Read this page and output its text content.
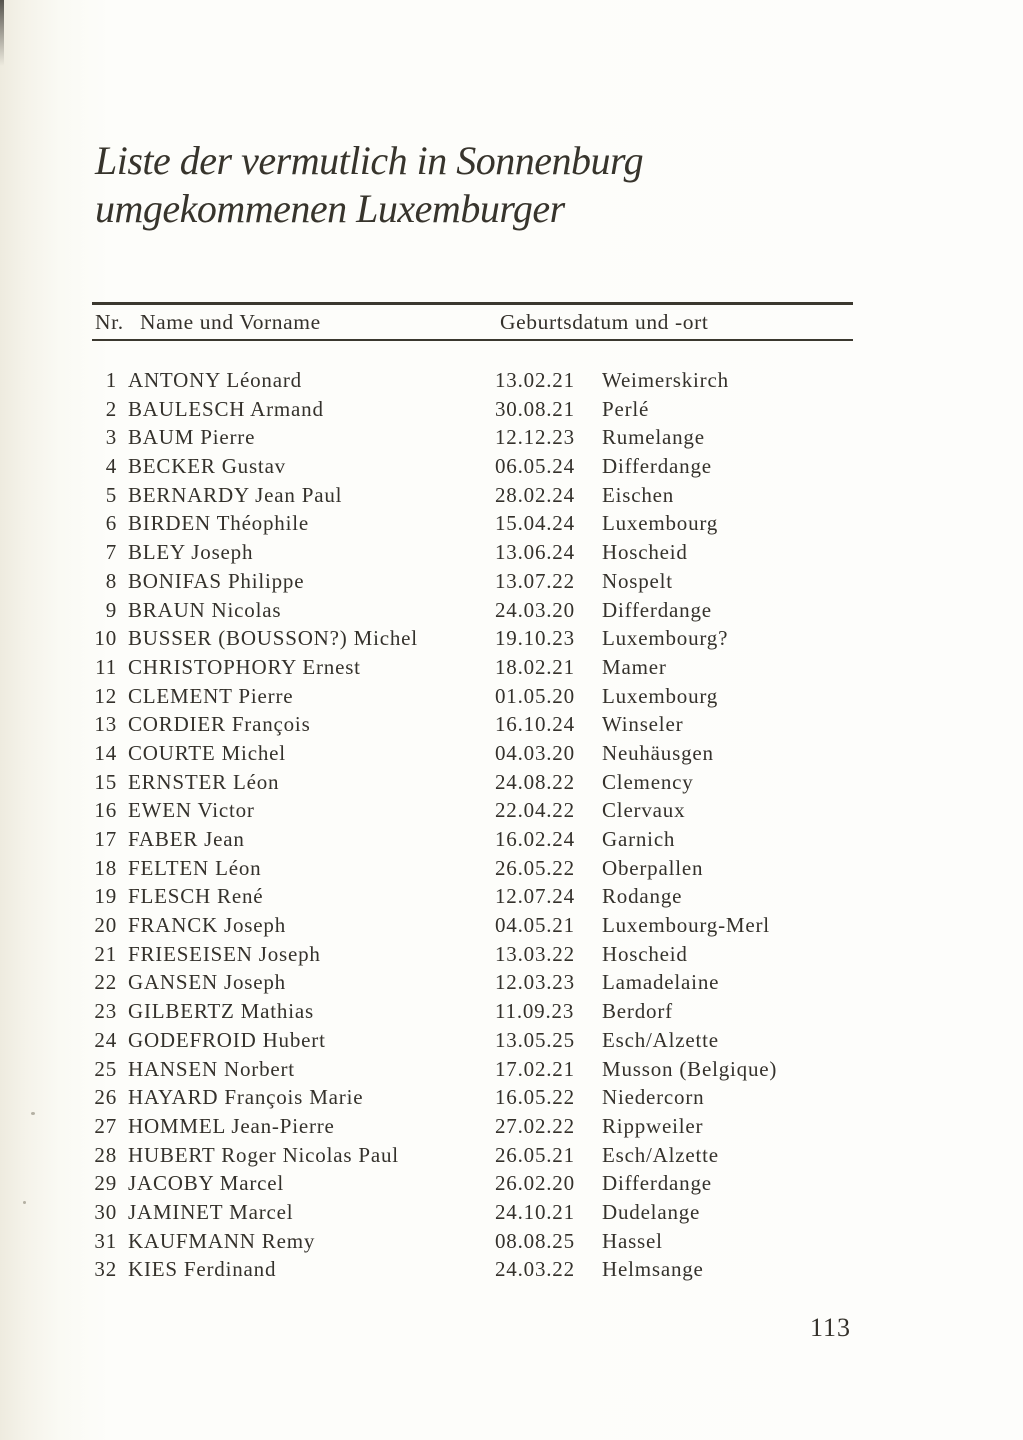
Liste der vermutlich in Sonnenburg
umgekommenen Luxemburger
Nr. Name und Vorname	Geburtsdatum und -ort
1 ANTONY Léonard	13.02.21 Weimerskirch
2 BAULESCH Armand	30.08.21 Perlé
3 BAUM Pierre	12.12.23 Rumelange
4 BECKER Gustav	06.05.24 Differdange
5 BERNARDY Jean Paul	28.02.24 Eischen
6 BIRDEN Théophile	15.04.24 Luxembourg
7 BLEY Joseph	13.06.24 Hoscheid
8 BONIFAS Philippe	13.07.22 Nospelt
9 BRAUN Nicolas	24.03.20 Differdange
10 BUSSER (BOUSSON?) Michel	19.10.23 Luxembourg?
11 CHRISTOPHORY Ernest	18.02.21 Mamer
12 CLEMENT Pierre	01.05.20 Luxembourg
13 CORDIER François	16.10.24 Winseler
14 COURTE Michel	04.03.20 Neuhäusgen
15 ERNSTER Léon	24.08.22 Clemency
16 EWEN Victor	22.04.22 Clervaux
17 FABER Jean	16.02.24 Garnich
18 FELTEN Léon	26.05.22 Oberpallen
19 FLESCH René	12.07.24 Rodange
20 FRANCK Joseph	04.05.21 Luxembourg-Merl
21 FRIESEISEN Joseph	13.03.22 Hoscheid
22 GANSEN Joseph	12.03.23 Lamadelaine
23 GILBERTZ Mathias	11.09.23 Berdorf
24 GODEFROID Hubert	13.05.25 Esch/Alzette
25 HANSEN Norbert	17.02.21 Musson (Belgique)
26 HAYARD François Marie	16.05.22 Niedercorn
27 HOMMEL Jean-Pierre	27.02.22 Rippweiler
28 HUBERT Roger Nicolas Paul	26.05.21 Esch/Alzette
29 JACOBY Marcel	26.02.20 Differdange
30 JAMINET Marcel	24.10.21 Dudelange
31 KAUFMANN Remy	08.08.25 Hassel
32 KIES Ferdinand	24.03.22 Helmsange
113
